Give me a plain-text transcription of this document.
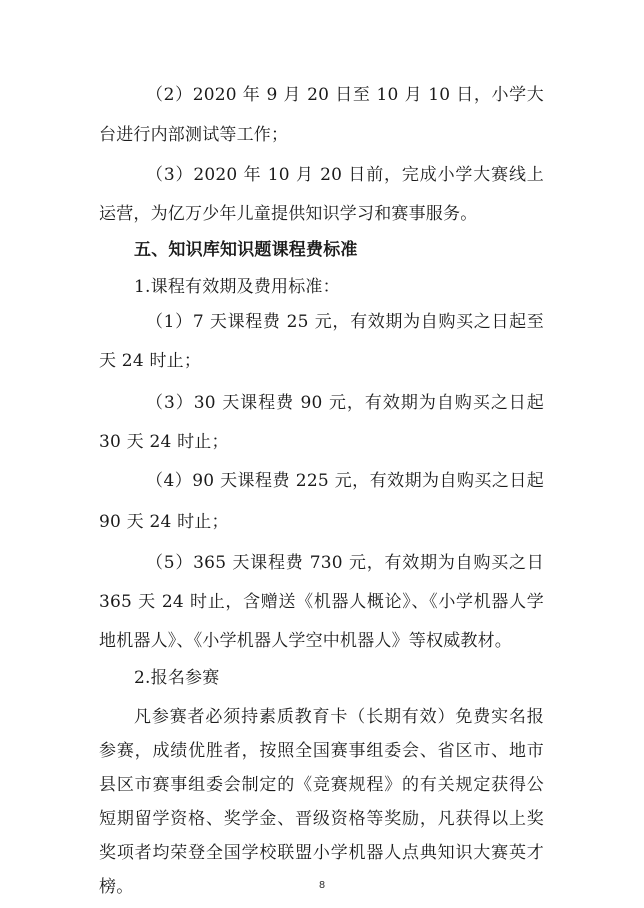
（2）2020 年 9 月 20 日至 10 月 10 日，小学大
台进行内部测试等工作；
（3）2020 年 10 月 20 日前，完成小学大赛线上
运营，为亿万少年儿童提供知识学习和赛事服务。
五、知识库知识题课程费标准
1.课程有效期及费用标准：
（1）7 天课程费 25 元，有效期为自购买之日起至
天 24 时止；
（3）30 天课程费 90 元，有效期为自购买之日起
30 天 24 时止；
（4）90 天课程费 225 元，有效期为自购买之日起
90 天 24 时止；
（5）365 天课程费 730 元，有效期为自购买之日
365 天 24 时止，含赠送《机器人概论》、《小学机器人学
地机器人》、《小学机器人学空中机器人》等权威教材。
2.报名参赛
凡参赛者必须持素质教育卡（长期有效）免费实名报
参赛，成绩优胜者，按照全国赛事组委会、省区市、地市
县区市赛事组委会制定的《竞赛规程》的有关规定获得公
短期留学资格、奖学金、晋级资格等奖励，凡获得以上奖
奖项者均荣登全国学校联盟小学机器人点典知识大赛英才
榜。	8
